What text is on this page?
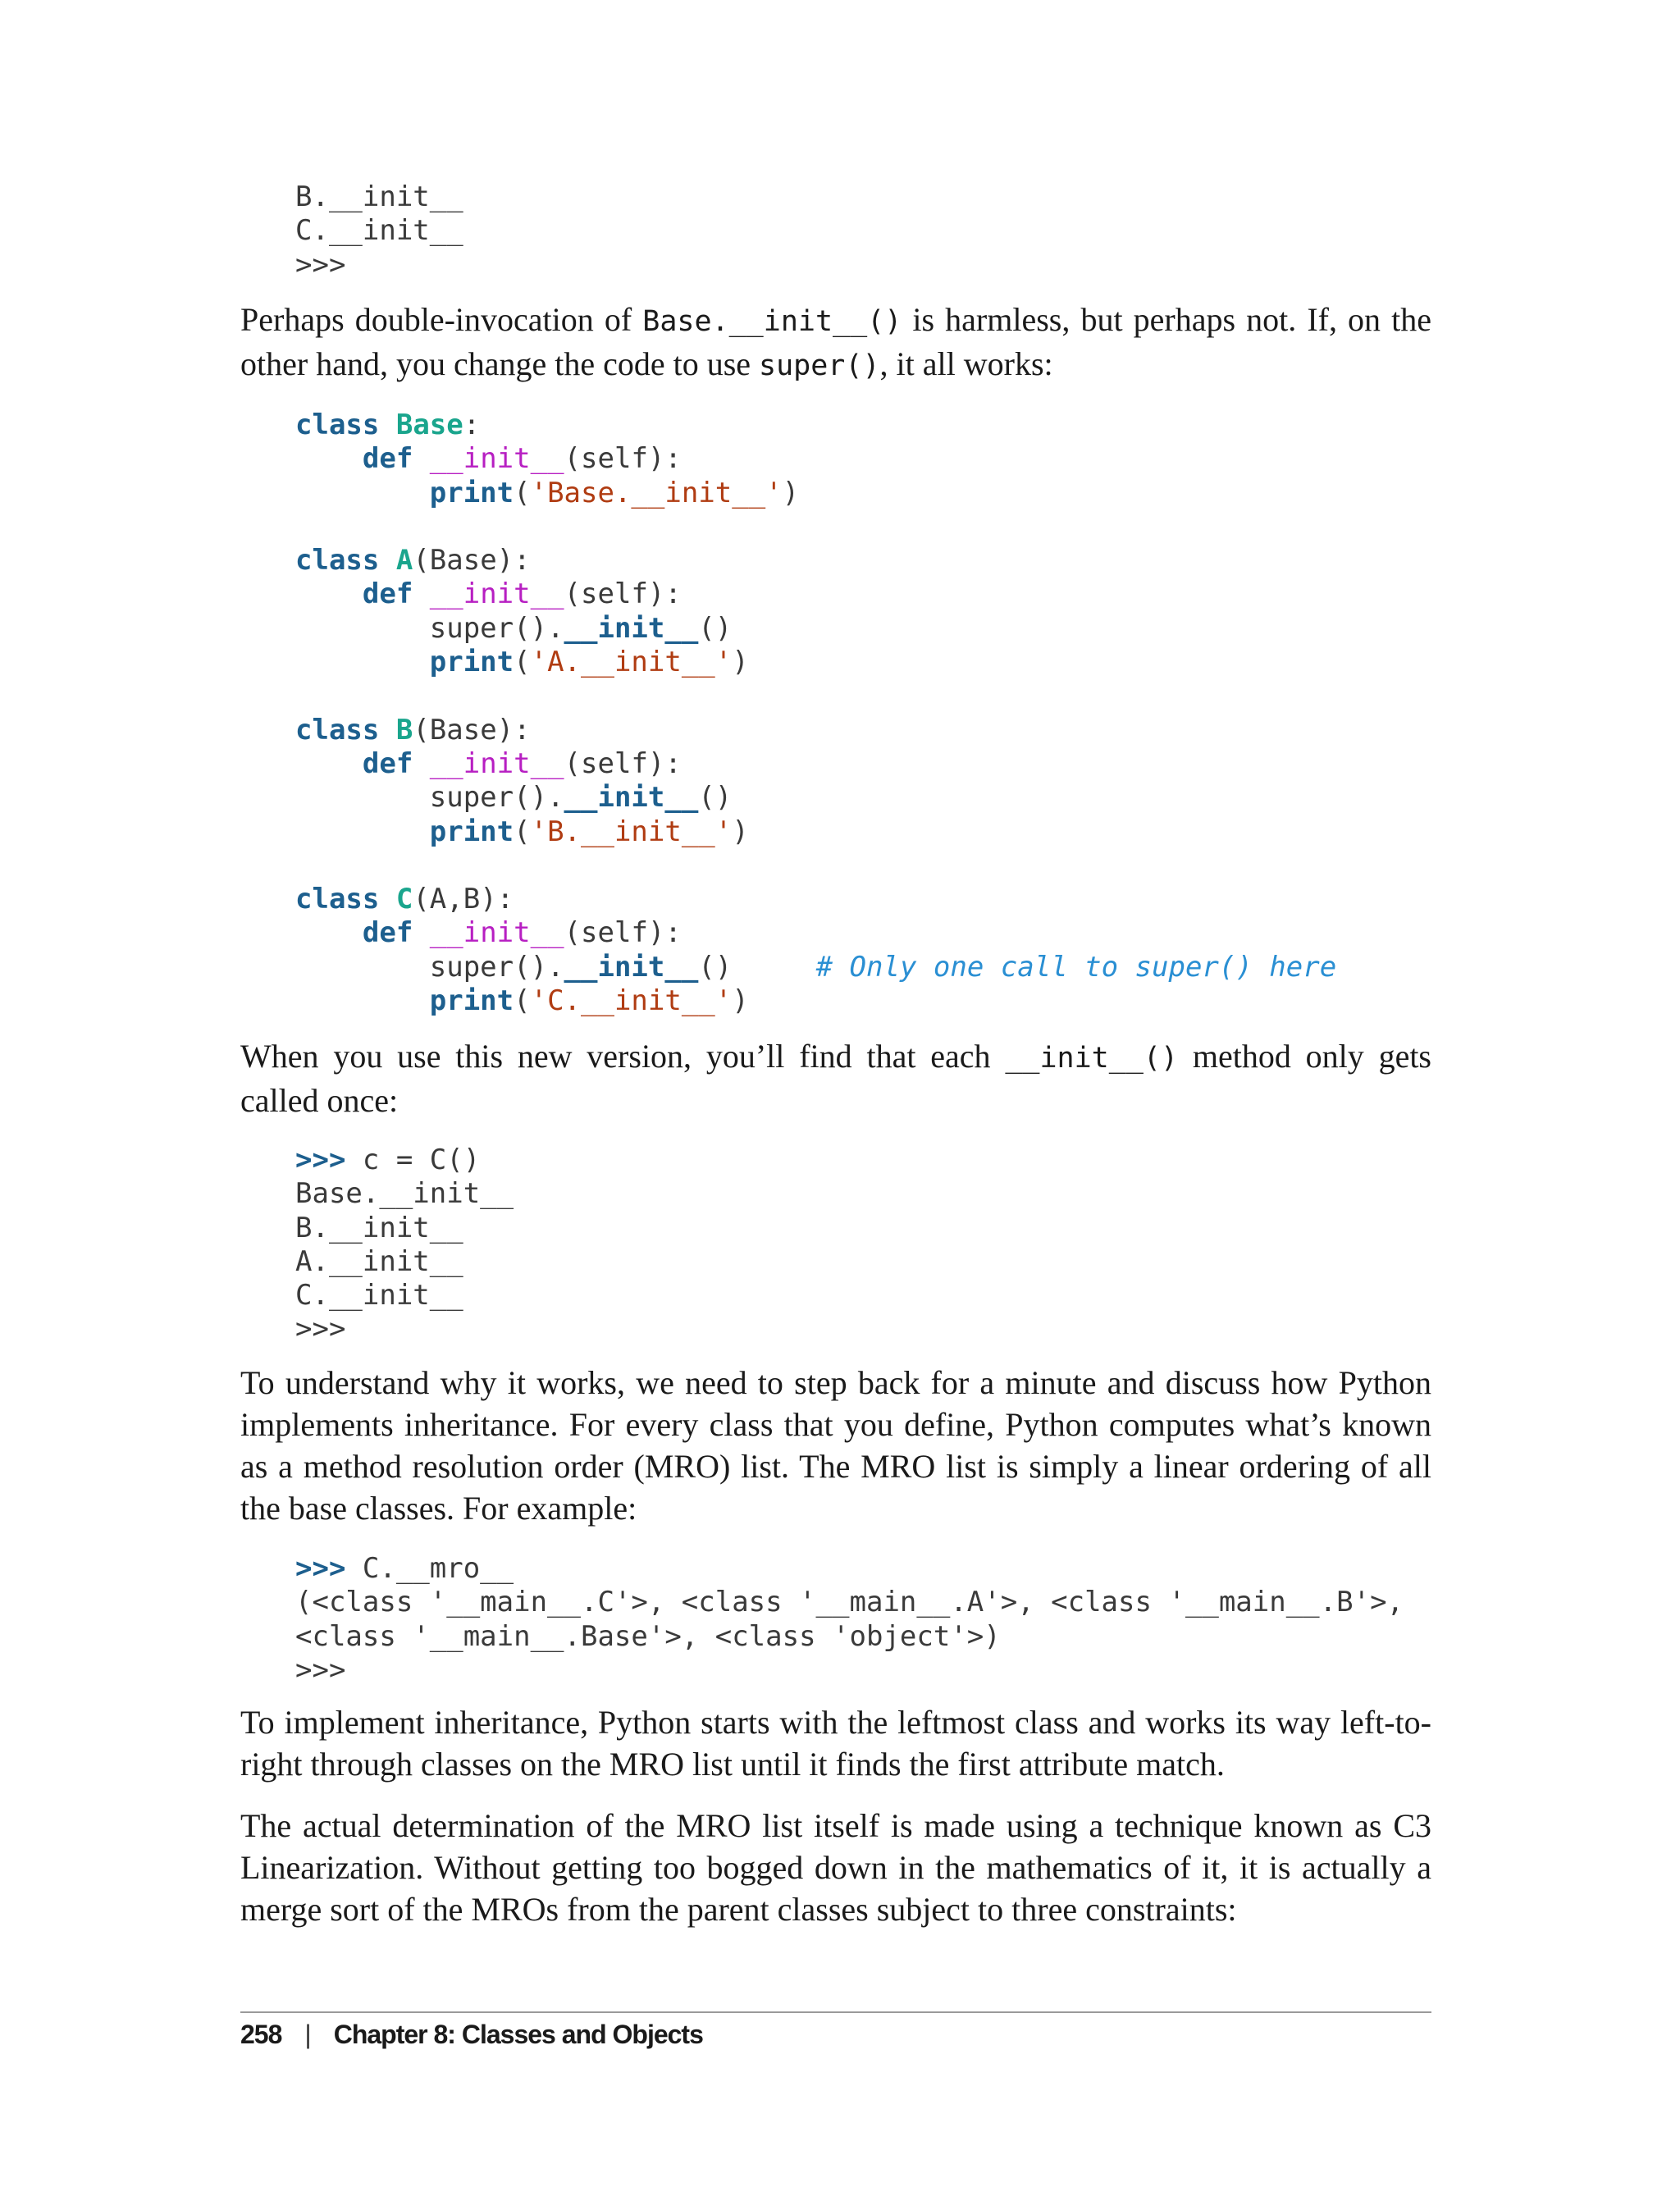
B.__init__
C.__init__
>>>

Perhaps double-invocation of Base.__init__() is harmless, but perhaps not. If, on the other hand, you change the code to use super(), it all works:

class Base:
def __init__(self):
print('Base.__init__')
class A(Base):
def __init__(self):
super().__init__()
print('A.__init__')
class B(Base):
def __init__(self):
super().__init__()
print('B.__init__')
class C(A,B):
def __init__(self):
super().__init__()	# Only one call to super() here
print('C.__init__')

When you use this new version, you’ll find that each __init__() method only gets called once:

>>> c = C()
Base.__init__
B.__init__
A.__init__
C.__init__
>>>

To understand why it works, we need to step back for a minute and discuss how Python implements inheritance. For every class that you define, Python computes what’s known as a method resolution order (MRO) list. The MRO list is simply a linear ordering of all the base classes. For example:

>>> C.__mro__
(<class '__main__.C'>, <class '__main__.A'>, <class '__main__.B'>,
<class '__main__.Base'>, <class 'object'>)
>>>

To implement inheritance, Python starts with the leftmost class and works its way left-to-right through classes on the MRO list until it finds the first attribute match.

The actual determination of the MRO list itself is made using a technique known as C3 Linearization. Without getting too bogged down in the mathematics of it, it is actually a merge sort of the MROs from the parent classes subject to three constraints:

258 | Chapter 8: Classes and Objects
